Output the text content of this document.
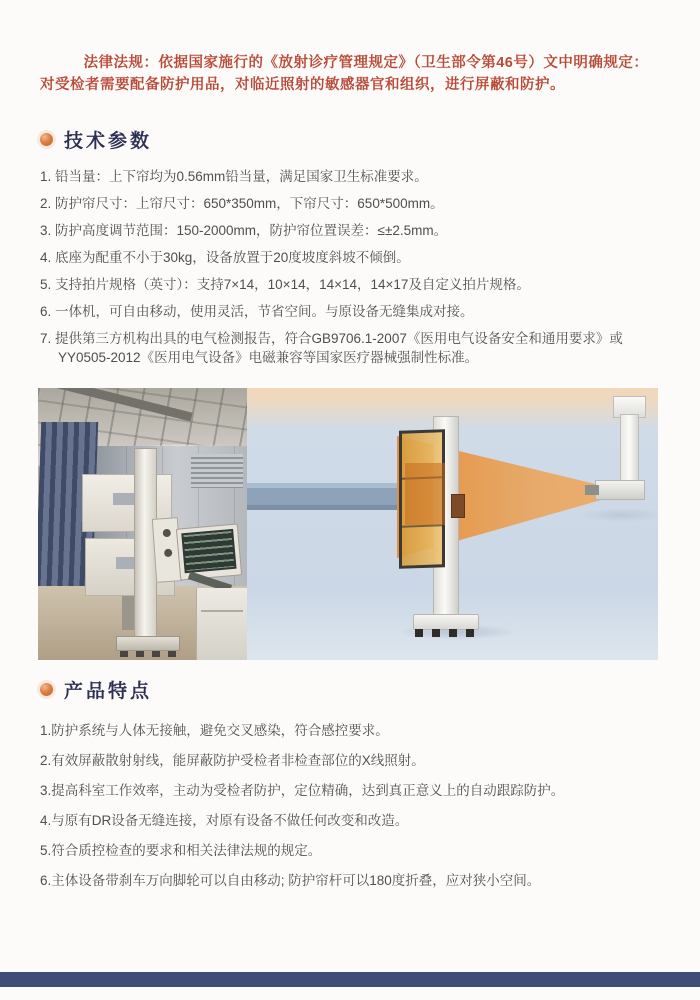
法律法规：依据国家施行的《放射诊疗管理规定》（卫生部令第46号）文中明确规定：对受检者需要配备防护用品，对临近照射的敏感器官和组织，进行屏蔽和防护。

技术参数
1. 铅当量：上下帘均为0.56mm铅当量，满足国家卫生标准要求。
2. 防护帘尺寸：上帘尺寸：650*350mm，下帘尺寸：650*500mm。
3. 防护高度调节范围：150-2000mm，防护帘位置误差：≤±2.5mm。
4. 底座为配重不小于30kg，设备放置于20度坡度斜坡不倾倒。
5. 支持拍片规格（英寸）：支持7×14，10×14，14×14，14×17及自定义拍片规格。
6. 一体机，可自由移动，使用灵活，节省空间。与原设备无缝集成对接。
7. 提供第三方机构出具的电气检测报告，符合GB9706.1-2007《医用电气设备安全和通用要求》或YY0505-2012《医用电气设备》电磁兼容等国家医疗器械强制性标准。
产品特点
1.防护系统与人体无接触，避免交叉感染，符合感控要求。
2.有效屏蔽散射射线，能屏蔽防护受检者非检查部位的X线照射。
3.提高科室工作效率，主动为受检者防护，定位精确，达到真正意义上的自动跟踪防护。
4.与原有DR设备无缝连接，对原有设备不做任何改变和改造。
5.符合质控检查的要求和相关法律法规的规定。
6.主体设备带刹车万向脚轮可以自由移动; 防护帘杆可以180度折叠，应对狭小空间。
